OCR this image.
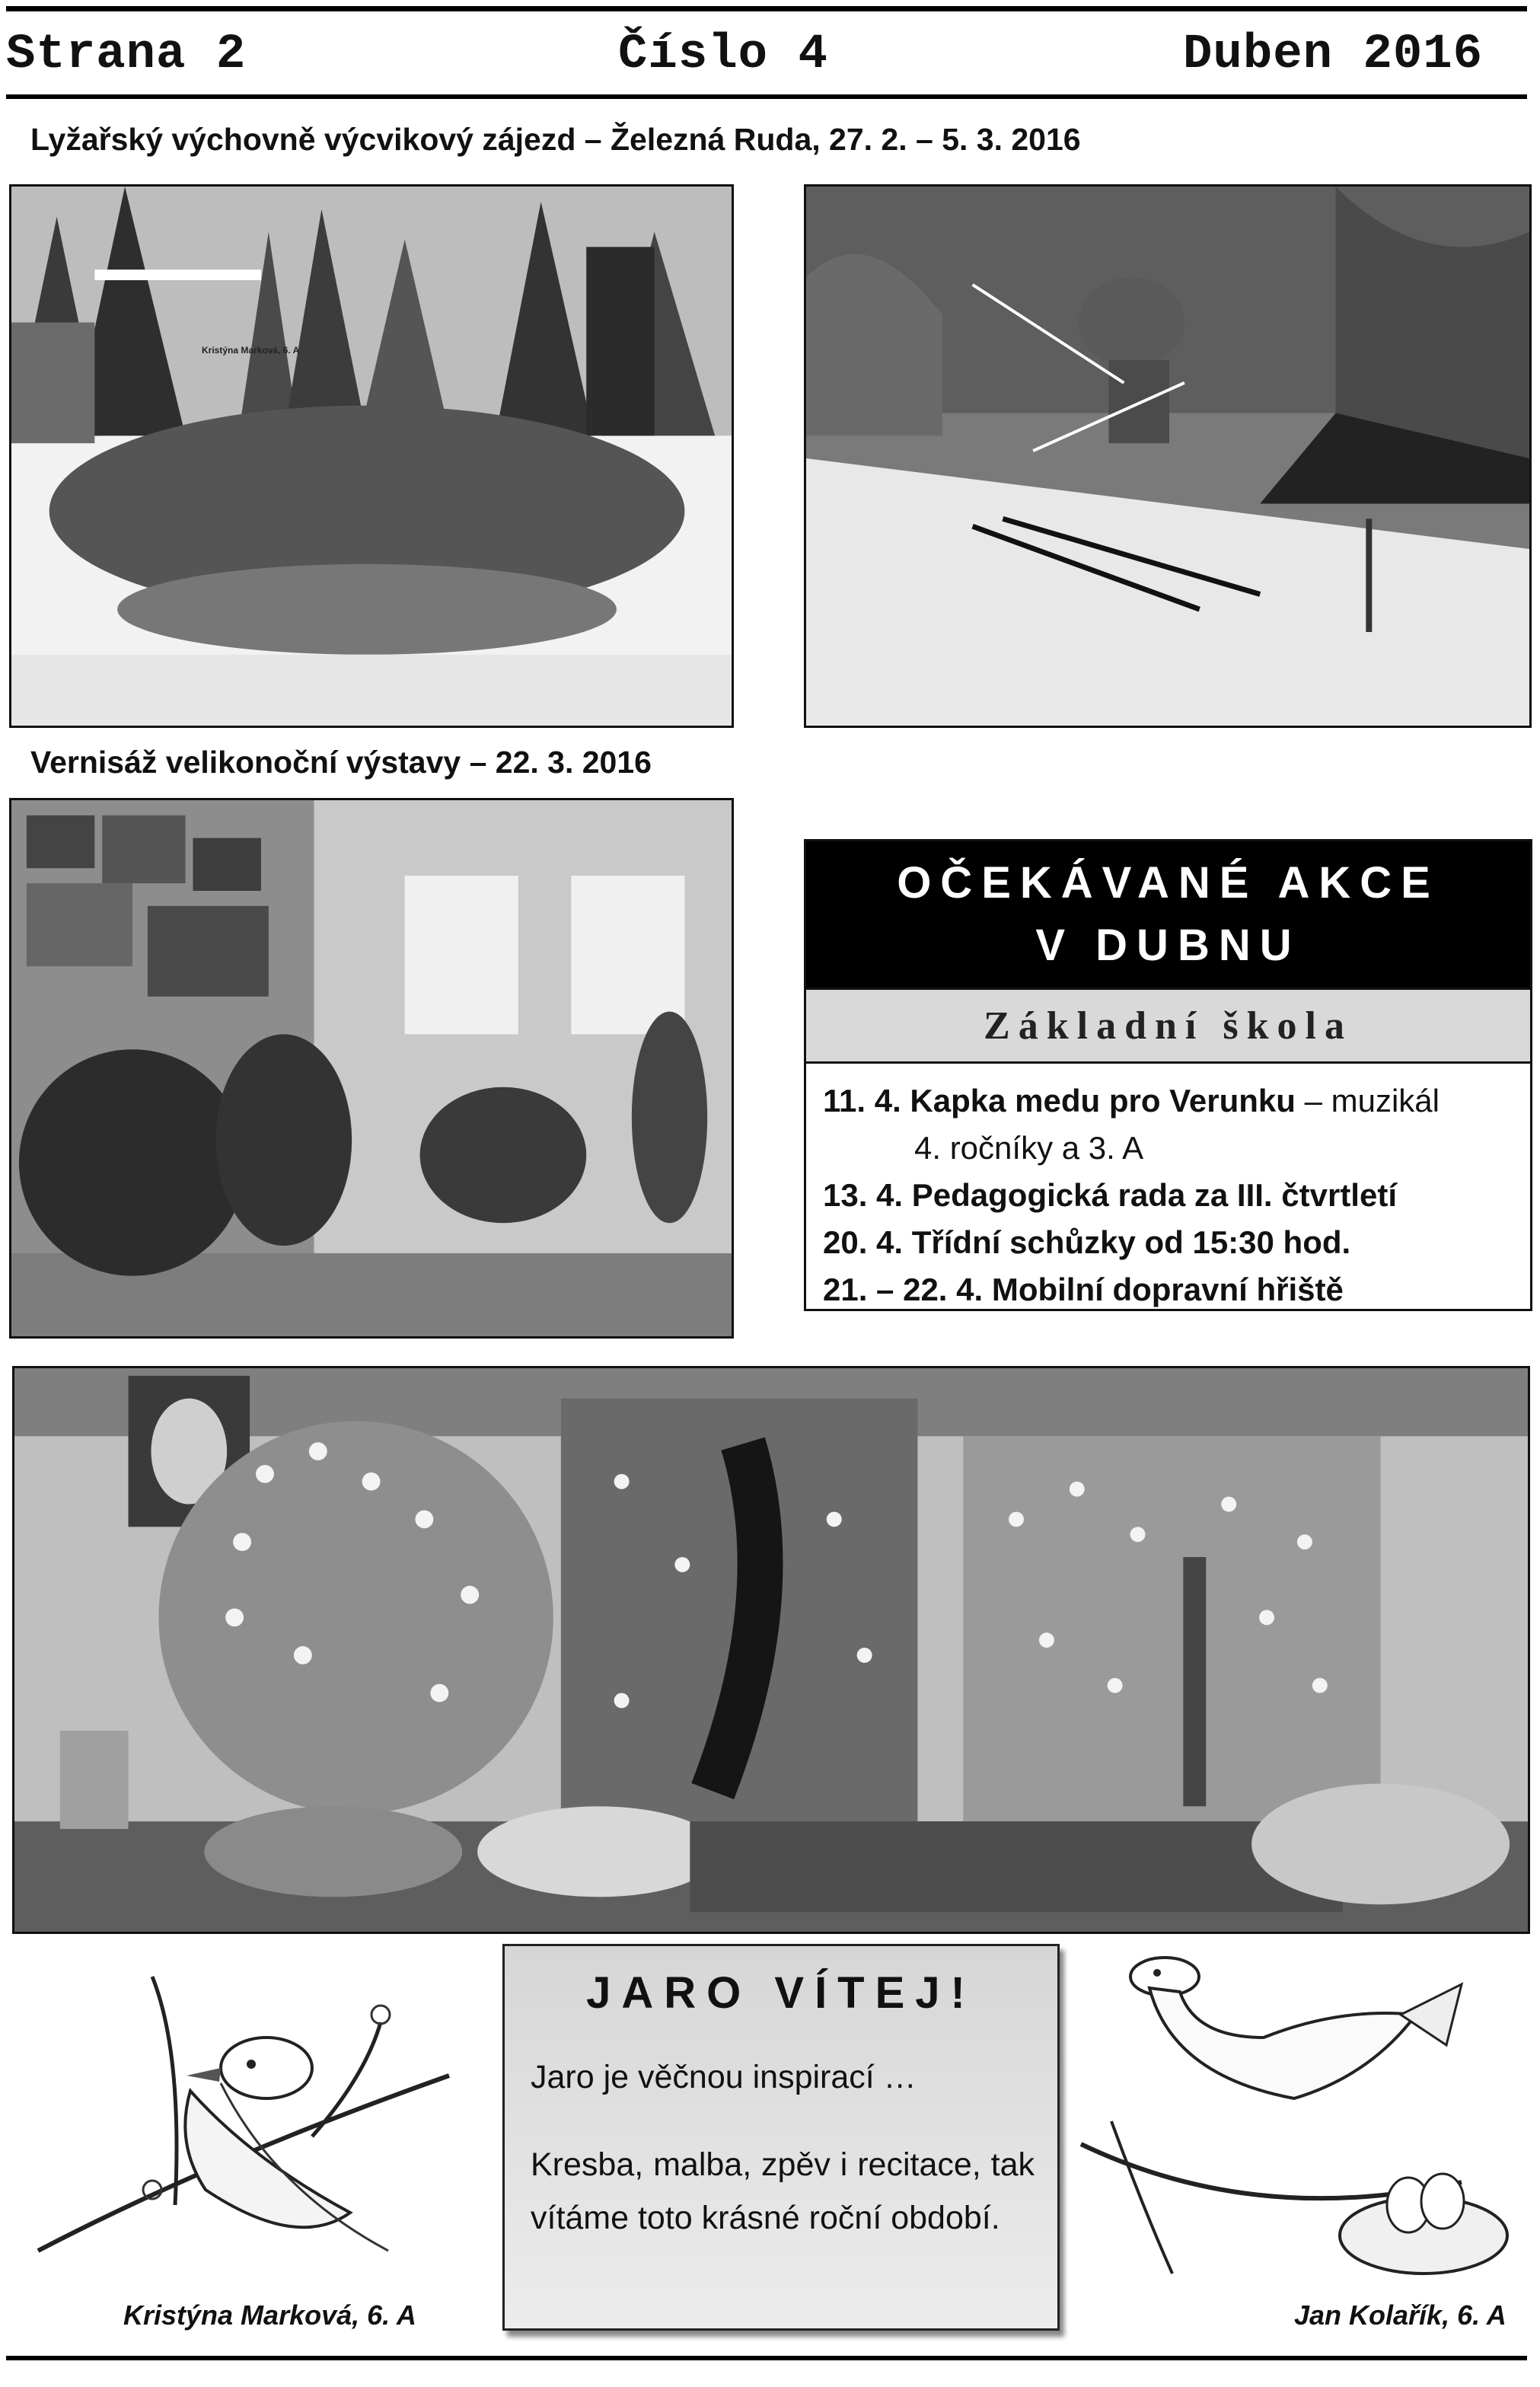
Strana 2	Číslo 4	Duben 2016
Lyžařský výchovně výcvikový zájezd – Železná Ruda, 27. 2. – 5. 3. 2016
Kristýna Marková, 6. A
Vernisáž velikonoční výstavy – 22. 3. 2016
OČEKÁVANÉ AKCE
V DUBNU
Základní škola
11. 4. Kapka medu pro Verunku – muzikál
4. ročníky a 3. A
13. 4. Pedagogická rada za III. čtvrtletí
20. 4. Třídní schůzky od 15:30 hod.
21. – 22. 4. Mobilní dopravní hřiště
Kristýna Marková, 6. A
JARO VÍTEJ!
Jaro je věčnou inspirací …
Kresba, malba, zpěv i recitace, tak vítáme toto krásné roční období.
Jan Kolařík, 6. A
